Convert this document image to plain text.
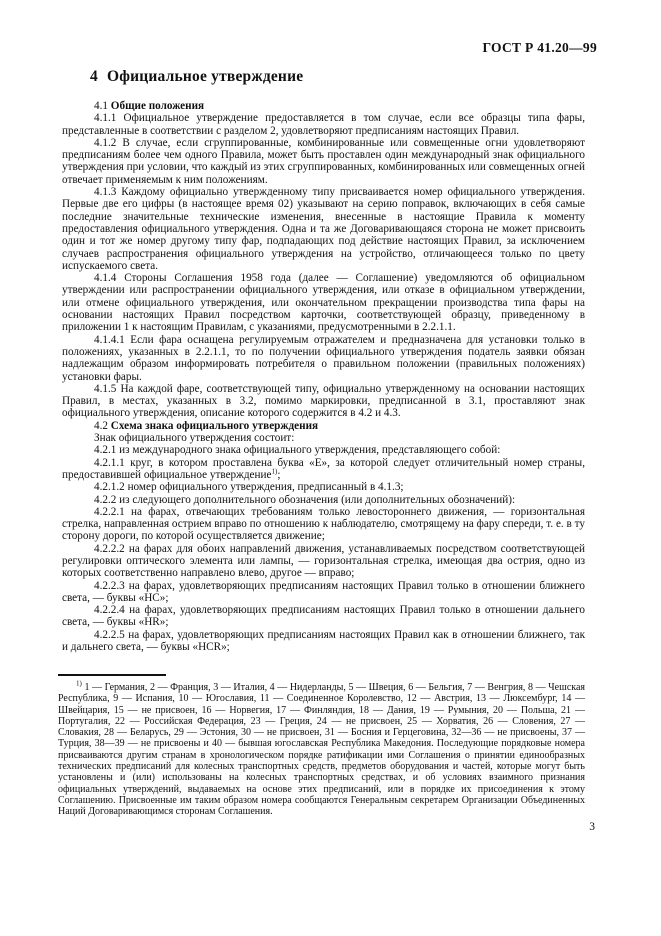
ГОСТ Р 41.20—99
4 Официальное утверждение

4.1 Общие положения

4.1.1 Официальное утверждение предоставляется в том случае, если все образцы типа фары, представленные в соответствии с разделом 2, удовлетворяют предписаниям настоящих Правил.

4.1.2 В случае, если сгруппированные, комбинированные или совмещенные огни удовлетворяют предписаниям более чем одного Правила, может быть проставлен один международный знак официального утверждения при условии, что каждый из этих сгруппированных, комбинированных или совмещенных огней отвечает применяемым к ним положениям.

4.1.3 Каждому официально утвержденному типу присваивается номер официального утверждения. Первые две его цифры (в настоящее время 02) указывают на серию поправок, включающих в себя самые последние значительные технические изменения, внесенные в настоящие Правила к моменту предоставления официального утверждения. Одна и та же Договаривающаяся сторона не может присвоить один и тот же номер другому типу фар, подпадающих под действие настоящих Правил, за исключением случаев распространения официального утверждения на устройство, отличающееся только по цвету испускаемого света.

4.1.4 Стороны Соглашения 1958 года (далее — Соглашение) уведомляются об официальном утверждении или распространении официального утверждения, или отказе в официальном утверждении, или отмене официального утверждения, или окончательном прекращении производства типа фары на основании настоящих Правил посредством карточки, соответствующей образцу, приведенному в приложении 1 к настоящим Правилам, с указаниями, предусмотренными в 2.2.1.1.

4.1.4.1 Если фара оснащена регулируемым отражателем и предназначена для установки только в положениях, указанных в 2.2.1.1, то по получении официального утверждения податель заявки обязан надлежащим образом информировать потребителя о правильном положении (правильных положениях) установки фары.

4.1.5 На каждой фаре, соответствующей типу, официально утвержденному на основании настоящих Правил, в местах, указанных в 3.2, помимо маркировки, предписанной в 3.1, проставляют знак официального утверждения, описание которого содержится в 4.2 и 4.3.

4.2 Схема знака официального утверждения

Знак официального утверждения состоит:

4.2.1 из международного знака официального утверждения, представляющего собой:

4.2.1.1 круг, в котором проставлена буква «Е», за которой следует отличительный номер страны, предоставившей официальное утверждение$^{1)}$;

4.2.1.2 номер официального утверждения, предписанный в 4.1.3;

4.2.2 из следующего дополнительного обозначения (или дополнительных обозначений):

4.2.2.1 на фарах, отвечающих требованиям только левостороннего движения, — горизонтальная стрелка, направленная острием вправо по отношению к наблюдателю, смотрящему на фару спереди, т. е. в ту сторону дороги, по которой осуществляется движение;

4.2.2.2 на фарах для обоих направлений движения, устанавливаемых посредством соответствующей регулировки оптического элемента или лампы, — горизонтальная стрелка, имеющая два острия, одно из которых соответственно направлено влево, другое — вправо;

4.2.2.3 на фарах, удовлетворяющих предписаниям настоящих Правил только в отношении ближнего света, — буквы «HC»;

4.2.2.4 на фарах, удовлетворяющих предписаниям настоящих Правил только в отношении дальнего света, — буквы «HR»;

4.2.2.5 на фарах, удовлетворяющих предписаниям настоящих Правил как в отношении ближнего, так и дальнего света, — буквы «HCR»;

$^{1)}$ 1 — Германия, 2 — Франция, 3 — Италия, 4 — Нидерланды, 5 — Швеция, 6 — Бельгия, 7 — Венгрия, 8 — Чешская Республика, 9 — Испания, 10 — Югославия, 11 — Соединенное Королевство, 12 — Австрия, 13 — Люксембург, 14 — Швейцария, 15 — не присвоен, 16 — Норвегия, 17 — Финляндия, 18 — Дания, 19 — Румыния, 20 — Польша, 21 — Португалия, 22 — Российская Федерация, 23 — Греция, 24 — не присвоен, 25 — Хорватия, 26 — Словения, 27 — Словакия, 28 — Беларусь, 29 — Эстония, 30 — не присвоен, 31 — Босния и Герцеговина, 32—36 — не присвоены, 37 — Турция, 38—39 — не присвоены и 40 — бывшая югославская Республика Македония. Последующие порядковые номера присваиваются другим странам в хронологическом порядке ратификации ими Соглашения о принятии единообразных технических предписаний для колесных транспортных средств, предметов оборудования и частей, которые могут быть установлены и (или) использованы на колесных транспортных средствах, и об условиях взаимного признания официальных утверждений, выдаваемых на основе этих предписаний, или в порядке их присоединения к этому Соглашению. Присвоенные им таким образом номера сообщаются Генеральным секретарем Организации Объединенных Наций Договаривающимся сторонам Соглашения.

3
